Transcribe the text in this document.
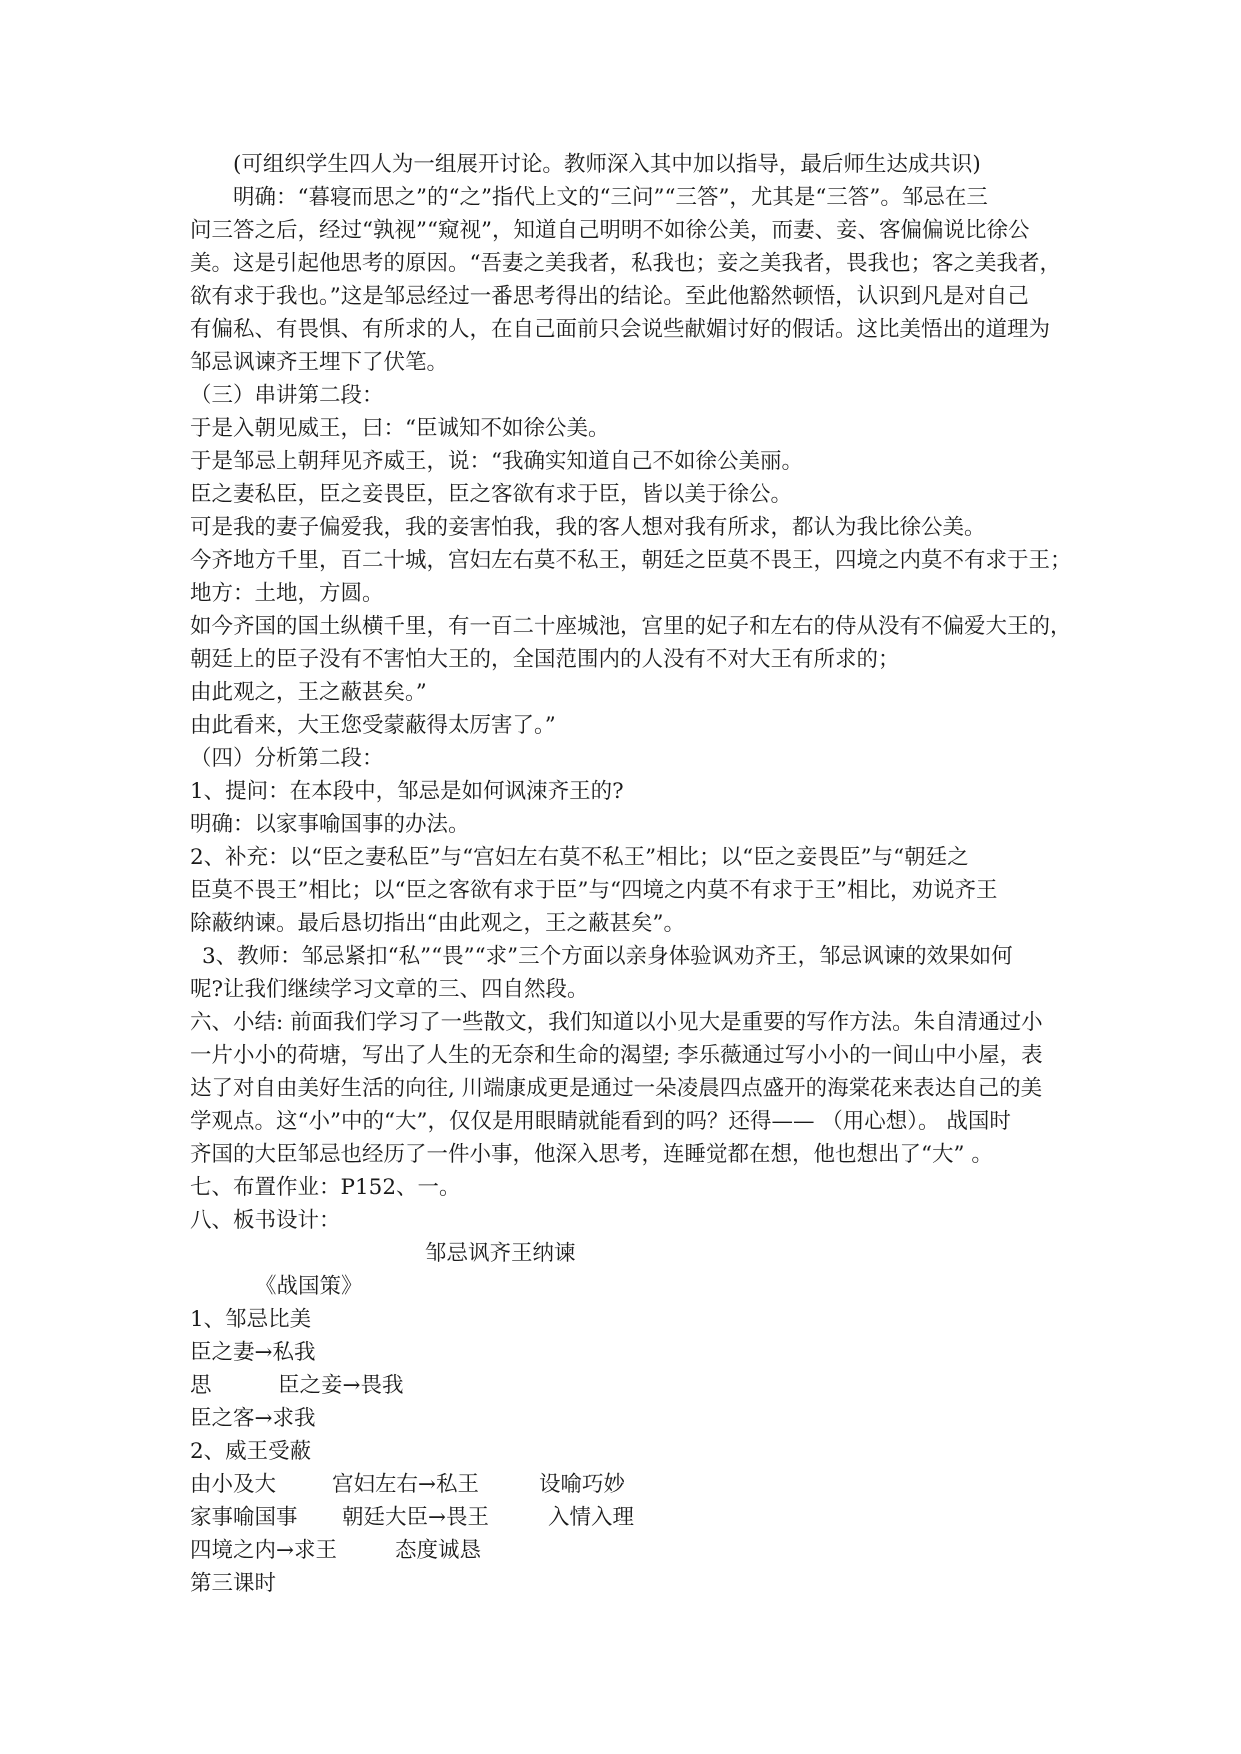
(可组织学生四人为一组展开讨论。教师深入其中加以指导，最后师生达成共识)
明确：“暮寝而思之”的“之”指代上文的“三问”“三答”，尤其是“三答”。邹忌在三
问三答之后，经过“孰视”“窥视”，知道自己明明不如徐公美，而妻、妾、客偏偏说比徐公
美。这是引起他思考的原因。“吾妻之美我者，私我也；妾之美我者，畏我也；客之美我者，
欲有求于我也。”这是邹忌经过一番思考得出的结论。至此他豁然顿悟，认识到凡是对自己
有偏私、有畏惧、有所求的人，在自己面前只会说些献媚讨好的假话。这比美悟出的道理为
邹忌讽谏齐王埋下了伏笔。
（三）串讲第二段：
于是入朝见威王，曰：“臣诚知不如徐公美。
于是邹忌上朝拜见齐威王，说：“我确实知道自己不如徐公美丽。
臣之妻私臣，臣之妾畏臣，臣之客欲有求于臣，皆以美于徐公。
可是我的妻子偏爱我，我的妾害怕我，我的客人想对我有所求，都认为我比徐公美。
今齐地方千里，百二十城，宫妇左右莫不私王，朝廷之臣莫不畏王，四境之内莫不有求于王；
地方：土地，方圆。
如今齐国的国土纵横千里，有一百二十座城池，宫里的妃子和左右的侍从没有不偏爱大王的，
朝廷上的臣子没有不害怕大王的，全国范围内的人没有不对大王有所求的；
由此观之，王之蔽甚矣。”
由此看来，大王您受蒙蔽得太厉害了。”
（四）分析第二段：
1、提问：在本段中，邹忌是如何讽涑齐王的?
明确：以家事喻国事的办法。
2、补充：以“臣之妻私臣”与“宫妇左右莫不私王”相比；以“臣之妾畏臣”与“朝廷之
臣莫不畏王”相比；以“臣之客欲有求于臣”与“四境之内莫不有求于王”相比，劝说齐王
除蔽纳谏。最后恳切指出“由此观之，王之蔽甚矣”。
3、教师：邹忌紧扣“私”“畏”“求”三个方面以亲身体验讽劝齐王，邹忌讽谏的效果如何
呢?让我们继续学习文章的三、四自然段。
六、小结: 前面我们学习了一些散文，我们知道以小见大是重要的写作方法。朱自清通过小
一片小小的荷塘，写出了人生的无奈和生命的渴望; 李乐薇通过写小小的一间山中小屋，表
达了对自由美好生活的向往, 川端康成更是通过一朵凌晨四点盛开的海棠花来表达自己的美
学观点。这“小”中的“大”，仅仅是用眼睛就能看到的吗？还得—— （用心想）。 战国时
齐国的大臣邹忌也经历了一件小事，他深入思考，连睡觉都在想，他也想出了“大” 。
七、布置作业：P152、一。
八、板书设计：
邹忌讽齐王纳谏
《战国策》
1、邹忌比美
臣之妻→私我
思	臣之妾→畏我
臣之客→求我
2、威王受蔽
由小及大	宫妇左右→私王	设喻巧妙
家事喻国事 朝廷大臣→畏王	入情入理
四境之内→求王	态度诚恳
第三课时
